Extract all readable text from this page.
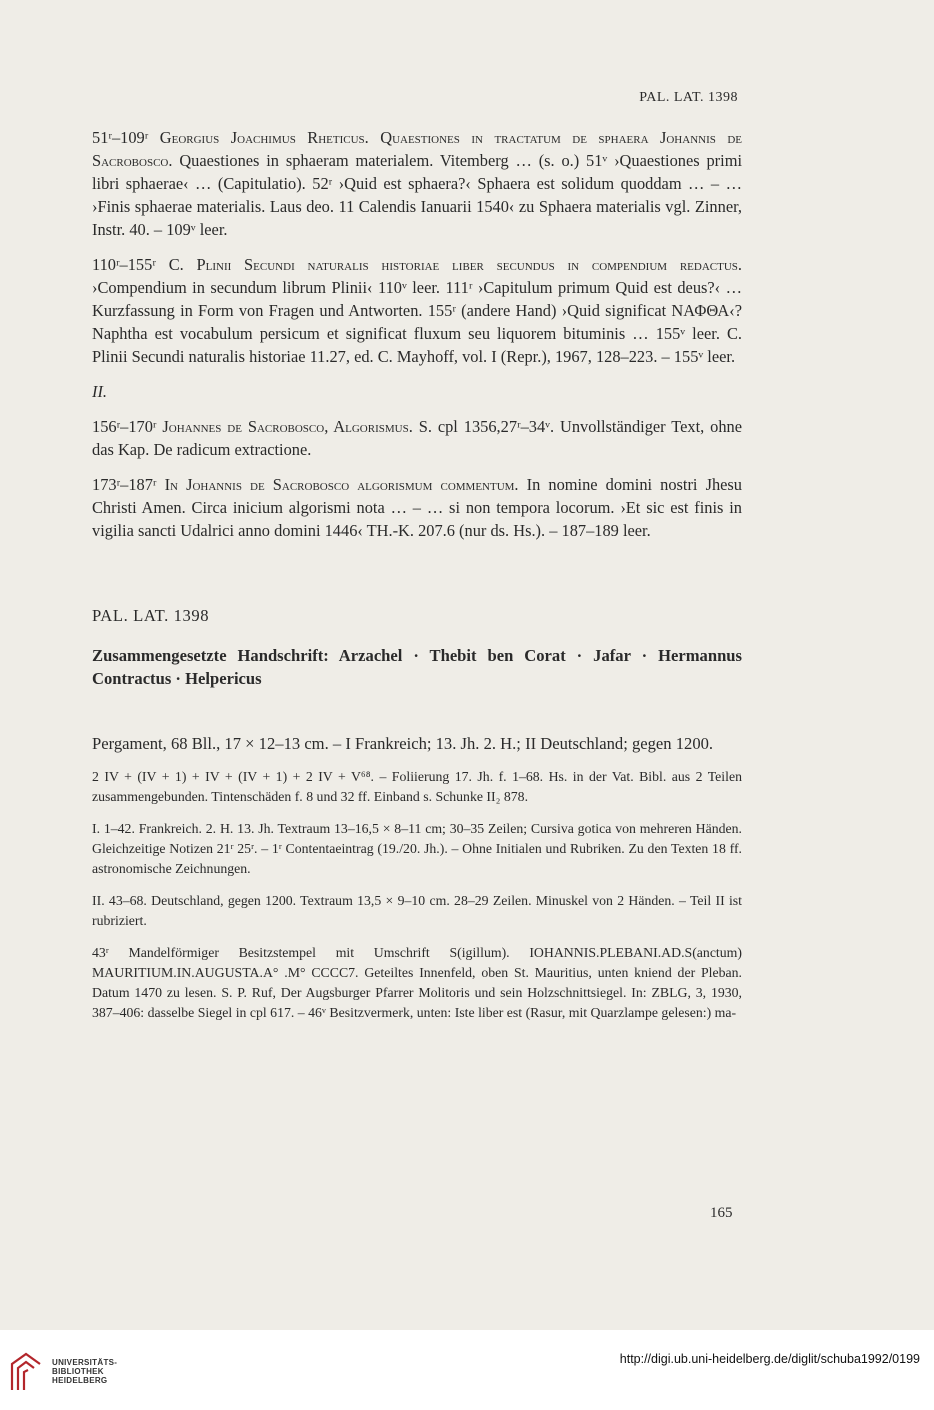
PAL. LAT. 1398

51ʳ–109ʳ Georgius Joachimus Rheticus. Quaestiones in tractatum de sphaera Johannis de Sacrobosco. Quaestiones in sphaeram materialem. Vitemberg … (s. o.) 51ᵛ ›Quaestiones primi libri sphaerae‹ … (Capitulatio). 52ʳ ›Quid est sphaera?‹ Sphaera est solidum quoddam … – … ›Finis sphaerae materialis. Laus deo. 11 Calendis Ianuarii 1540‹ zu Sphaera materialis vgl. Zinner, Instr. 40. – 109ᵛ leer.

110ʳ–155ʳ C. Plinii Secundi naturalis historiae liber secundus in compendium redactus. ›Compendium in secundum librum Plinii‹ 110ᵛ leer. 111ʳ ›Capitulum primum Quid est deus?‹ … Kurzfassung in Form von Fragen und Antworten. 155ʳ (andere Hand) ›Quid significat ΝΑΦΘΑ‹? Naphtha est vocabulum persicum et significat fluxum seu liquorem bituminis … 155ᵛ leer. C. Plinii Secundi naturalis historiae 11.27, ed. C. Mayhoff, vol. I (Repr.), 1967, 128–223. – 155ᵛ leer.

II.

156ʳ–170ʳ Johannes de Sacrobosco, Algorismus. S. cpl 1356,27ʳ–34ᵛ. Unvollständiger Text, ohne das Kap. De radicum extractione.

173ʳ–187ʳ In Johannis de Sacrobosco algorismum commentum. In nomine domini nostri Jhesu Christi Amen. Circa inicium algorismi nota … – … si non tempora locorum. ›Et sic est finis in vigilia sancti Udalrici anno domini 1446‹ TH.-K. 207.6 (nur ds. Hs.). – 187–189 leer.

PAL. LAT. 1398
Zusammengesetzte Handschrift: Arzachel · Thebit ben Corat · Jafar · Hermannus Contractus · Helpericus

Pergament, 68 Bll., 17 × 12–13 cm. – I Frankreich; 13. Jh. 2. H.; II Deutschland; gegen 1200.

2 IV + (IV + 1) + IV + (IV + 1) + 2 IV + V⁶⁸. – Foliierung 17. Jh. f. 1–68. Hs. in der Vat. Bibl. aus 2 Teilen zusammengebunden. Tintenschäden f. 8 und 32 ff. Einband s. Schunke II₂ 878.

I. 1–42. Frankreich. 2. H. 13. Jh. Textraum 13–16,5 × 8–11 cm; 30–35 Zeilen; Cursiva gotica von mehreren Händen. Gleichzeitige Notizen 21ʳ 25ʳ. – 1ʳ Contentaeintrag (19./20. Jh.). – Ohne Initialen und Rubriken. Zu den Texten 18 ff. astronomische Zeichnungen.

II. 43–68. Deutschland, gegen 1200. Textraum 13,5 × 9–10 cm. 28–29 Zeilen. Minuskel von 2 Händen. – Teil II ist rubriziert.

43ʳ Mandelförmiger Besitzstempel mit Umschrift S(igillum). IOHANNIS.PLEBANI.AD.S(anctum) MAURITIUM.IN.AUGUSTA.A° .M° CCCC7. Geteiltes Innenfeld, oben St. Mauritius, unten kniend der Pleban. Datum 1470 zu lesen. S. P. Ruf, Der Augsburger Pfarrer Molitoris und sein Holzschnittsiegel. In: ZBLG, 3, 1930, 387–406: dasselbe Siegel in cpl 617. – 46ᵛ Besitzvermerk, unten: Iste liber est (Rasur, mit Quarzlampe gelesen:) ma-

165
UNIVERSITÄTS-
BIBLIOTHEK
HEIDELBERG
http://digi.ub.uni-heidelberg.de/diglit/schuba1992/0199
